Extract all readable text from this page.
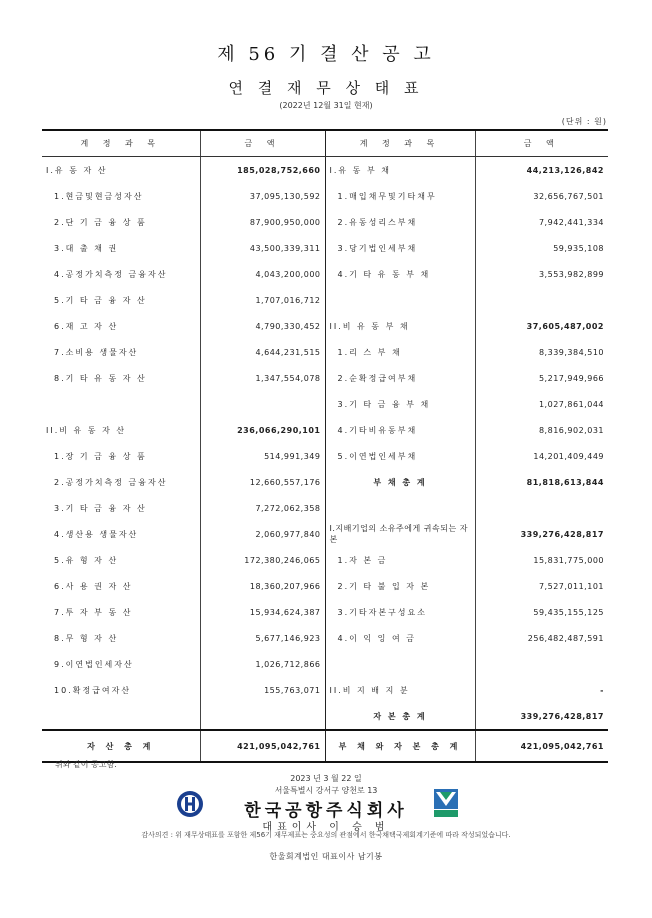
제 56 기 결 산 공 고
연 결 재 무 상 태 표
(2022년 12월 31일 현재)
(단위 : 원)
계 정 과 목	금 액	계 정 과 목	금 액
I.유 동 자 산	185,028,752,660	I.유 동 부 채	44,213,126,842
1.현금및현금성자산	37,095,130,592	1.매입채무및기타채무	32,656,767,501
2.단 기 금 융 상 품	87,900,950,000	2.유동성리스부채	7,942,441,334
3.대 출 채 권	43,500,339,311	3.당기법인세부채	59,935,108
4.공정가치측정 금융자산	4,043,200,000	4.기 타 유 동 부 채	3,553,982,899
5.기 타 금 융 자 산	1,707,016,712		
6.재 고 자 산	4,790,330,452	II.비 유 동 부 채	37,605,487,002
7.소비용 생물자산	4,644,231,515	1.리 스 부 채	8,339,384,510
8.기 타 유 동 자 산	1,347,554,078	2.순확정급여부채	5,217,949,966
		3.기 타 금 융 부 채	1,027,861,044
II.비 유 동 자 산	236,066,290,101	4.기타비유동부채	8,816,902,031
1.장 기 금 융 상 품	514,991,349	5.이연법인세부채	14,201,409,449
2.공정가치측정 금융자산	12,660,557,176	부 채 총 계	81,818,613,844
3.기 타 금 융 자 산	7,272,062,358		
4.생산용 생물자산	2,060,977,840	I.지배기업의 소유주에게 귀속되는 자본	339,276,428,817
5.유 형 자 산	172,380,246,065	1.자 본 금	15,831,775,000
6.사 용 권 자 산	18,360,207,966	2.기 타 불 입 자 본	7,527,011,101
7.투 자 부 동 산	15,934,624,387	3.기타자본구성요소	59,435,155,125
8.무 형 자 산	5,677,146,923	4.이 익 잉 여 금	256,482,487,591
9.이연법인세자산	1,026,712,866		
10.확정급여자산	155,763,071	II.비 지 배 지 분	-
		자 본 총 계	339,276,428,817
자 산 총 계	421,095,042,761	부 채 와 자 본 총 계	421,095,042,761
위와 같이 공고함.
2023 년 3 월 22 일
서울특별시 강서구 양천로 13
한국공항주식회사
대표이사 이 승 범
감사의견 : 위 재무상태표를 포함한 제56기 재무제표는 중요성의 관점에서 한국채택국제회계기준에 따라 작성되었습니다.
한울회계법인 대표이사 남기봉
